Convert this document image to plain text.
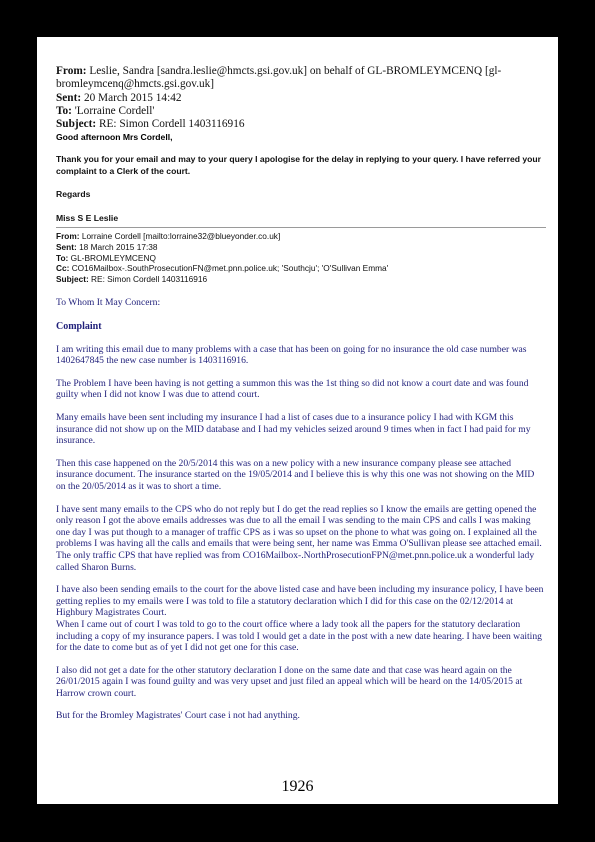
From: Leslie, Sandra [sandra.leslie@hmcts.gsi.gov.uk] on behalf of GL-BROMLEYMCENQ [gl-bromleymcenq@hmcts.gsi.gov.uk]
Sent: 20 March 2015 14:42
To: 'Lorraine Cordell'
Subject: RE: Simon Cordell 1403116916
Good afternoon Mrs Cordell,
Thank you for your email and may to your query I apologise for the delay in replying to your query. I have referred your complaint to a Clerk of the court.
Regards
Miss S E Leslie
From: Lorraine Cordell [mailto:lorraine32@blueyonder.co.uk]
Sent: 18 March 2015 17:38
To: GL-BROMLEYMCENQ
Cc: CO16Mailbox-.SouthProsecutionFN@met.pnn.police.uk; 'Southcju'; 'O'Sullivan Emma'
Subject: RE: Simon Cordell 1403116916

To Whom It May Concern:

Complaint

I am writing this email due to many problems with a case that has been on going for no insurance the old case number was 1402647845 the new case number is 1403116916.

The Problem I have been having is not getting a summon this was the 1st thing so did not know a court date and was found guilty when I did not know I was due to attend court.

Many emails have been sent including my insurance I had a list of cases due to a insurance policy I had with KGM this insurance did not show up on the MID database and I had my vehicles seized around 9 times when in fact I had paid for my insurance.

Then this case happened on the 20/5/2014 this was on a new policy with a new insurance company please see attached insurance document. The insurance started on the 19/05/2014 and I believe this is why this one was not showing on the MID on the 20/05/2014 as it was to short a time.

I have sent many emails to the CPS who do not reply but I do get the read replies so I know the emails are getting opened the only reason I got the above emails addresses was due to all the email I was sending to the main CPS and calls I was making one day I was put though to a manager of traffic CPS as i was so upset on the phone to what was going on. I explained all the problems I was having all the calls and emails that were being sent, her name was Emma O'Sullivan please see attached email. The only traffic CPS that have replied was from CO16Mailbox-.NorthProsecutionFPN@met.pnn.police.uk a wonderful lady called Sharon Burns.

I have also been sending emails to the court for the above listed case and have been including my insurance policy, I have been getting replies to my emails were I was told to file a statutory declaration which I did for this case on the 02/12/2014 at Highbury Magistrates Court.

When I came out of court I was told to go to the court office where a lady took all the papers for the statutory declaration including a copy of my insurance papers. I was told I would get a date in the post with a new date hearing. I have been waiting for the date to come but as of yet I did not get one for this case.

I also did not get a date for the other statutory declaration I done on the same date and that case was heard again on the 26/01/2015 again I was found guilty and was very upset and just filed an appeal which will be heard on the 14/05/2015 at Harrow crown court.

But for the Bromley Magistrates' Court case i not had anything.

1926
